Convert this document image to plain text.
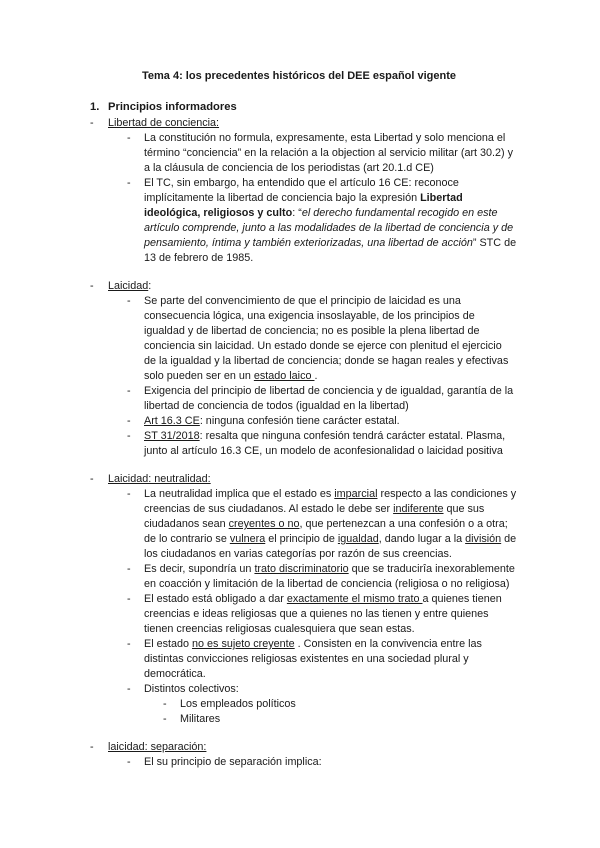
Tema 4: los precedentes históricos del DEE español vigente
1. Principios informadores
- Libertad de conciencia:
- La constitución no formula, expresamente, esta Libertad y solo menciona el
término “conciencia” en la relación a la objection al servicio militar (art 30.2) y
a la cláusula de conciencia de los periodistas (art 20.1.d CE)
- El TC, sin embargo, ha entendido que el artículo 16 CE: reconoce
implícitamente la libertad de conciencia bajo la expresión Libertad
ideológica, religiosos y culto: “el derecho fundamental recogido en este
artículo comprende, junto a las modalidades de la libertad de conciencia y de
pensamiento, íntima y también exteriorizadas, una libertad de acción” STC de
13 de febrero de 1985.
- Laicidad:
- Se parte del convencimiento de que el principio de laicidad es una
consecuencia lógica, una exigencia insoslayable, de los principios de
igualdad y de libertad de conciencia; no es posible la plena libertad de
conciencia sin laicidad. Un estado donde se ejerce con plenitud el ejercicio
de la igualdad y la libertad de conciencia; donde se hagan reales y efectivas
solo pueden ser en un estado laico .
- Exigencia del principio de libertad de conciencia y de igualdad, garantía de la
libertad de conciencia de todos (igualdad en la libertad)
- Art 16.3 CE: ninguna confesión tiene carácter estatal.
- ST 31/2018: resalta que ninguna confesión tendrá carácter estatal. Plasma,
junto al artículo 16.3 CE, un modelo de aconfesionalidad o laicidad positiva
- Laicidad: neutralidad:
- La neutralidad implica que el estado es imparcial respecto a las condiciones y
creencias de sus ciudadanos. Al estado le debe ser indiferente que sus
ciudadanos sean creyentes o no, que pertenezcan a una confesión o a otra;
de lo contrario se vulnera el principio de igualdad, dando lugar a la división de
los ciudadanos en varias categorías por razón de sus creencias.
- Es decir, supondría un trato discriminatorio que se traducirîa inexorablemente
en coacción y limitación de la libertad de conciencia (religiosa o no religiosa)
- El estado está obligado a dar exactamente el mismo trato a quienes tienen
creencias e ideas religiosas que a quienes no las tienen y entre quienes
tienen creencias religiosas cualesquiera que sean estas.
- El estado no es sujeto creyente . Consisten en la convivencia entre las
distintas convicciones religiosas existentes en una sociedad plural y
democrática.
- Distintos colectivos:
- Los empleados políticos
- Militares
- laicidad: separación:
- El su principio de separación implica:
